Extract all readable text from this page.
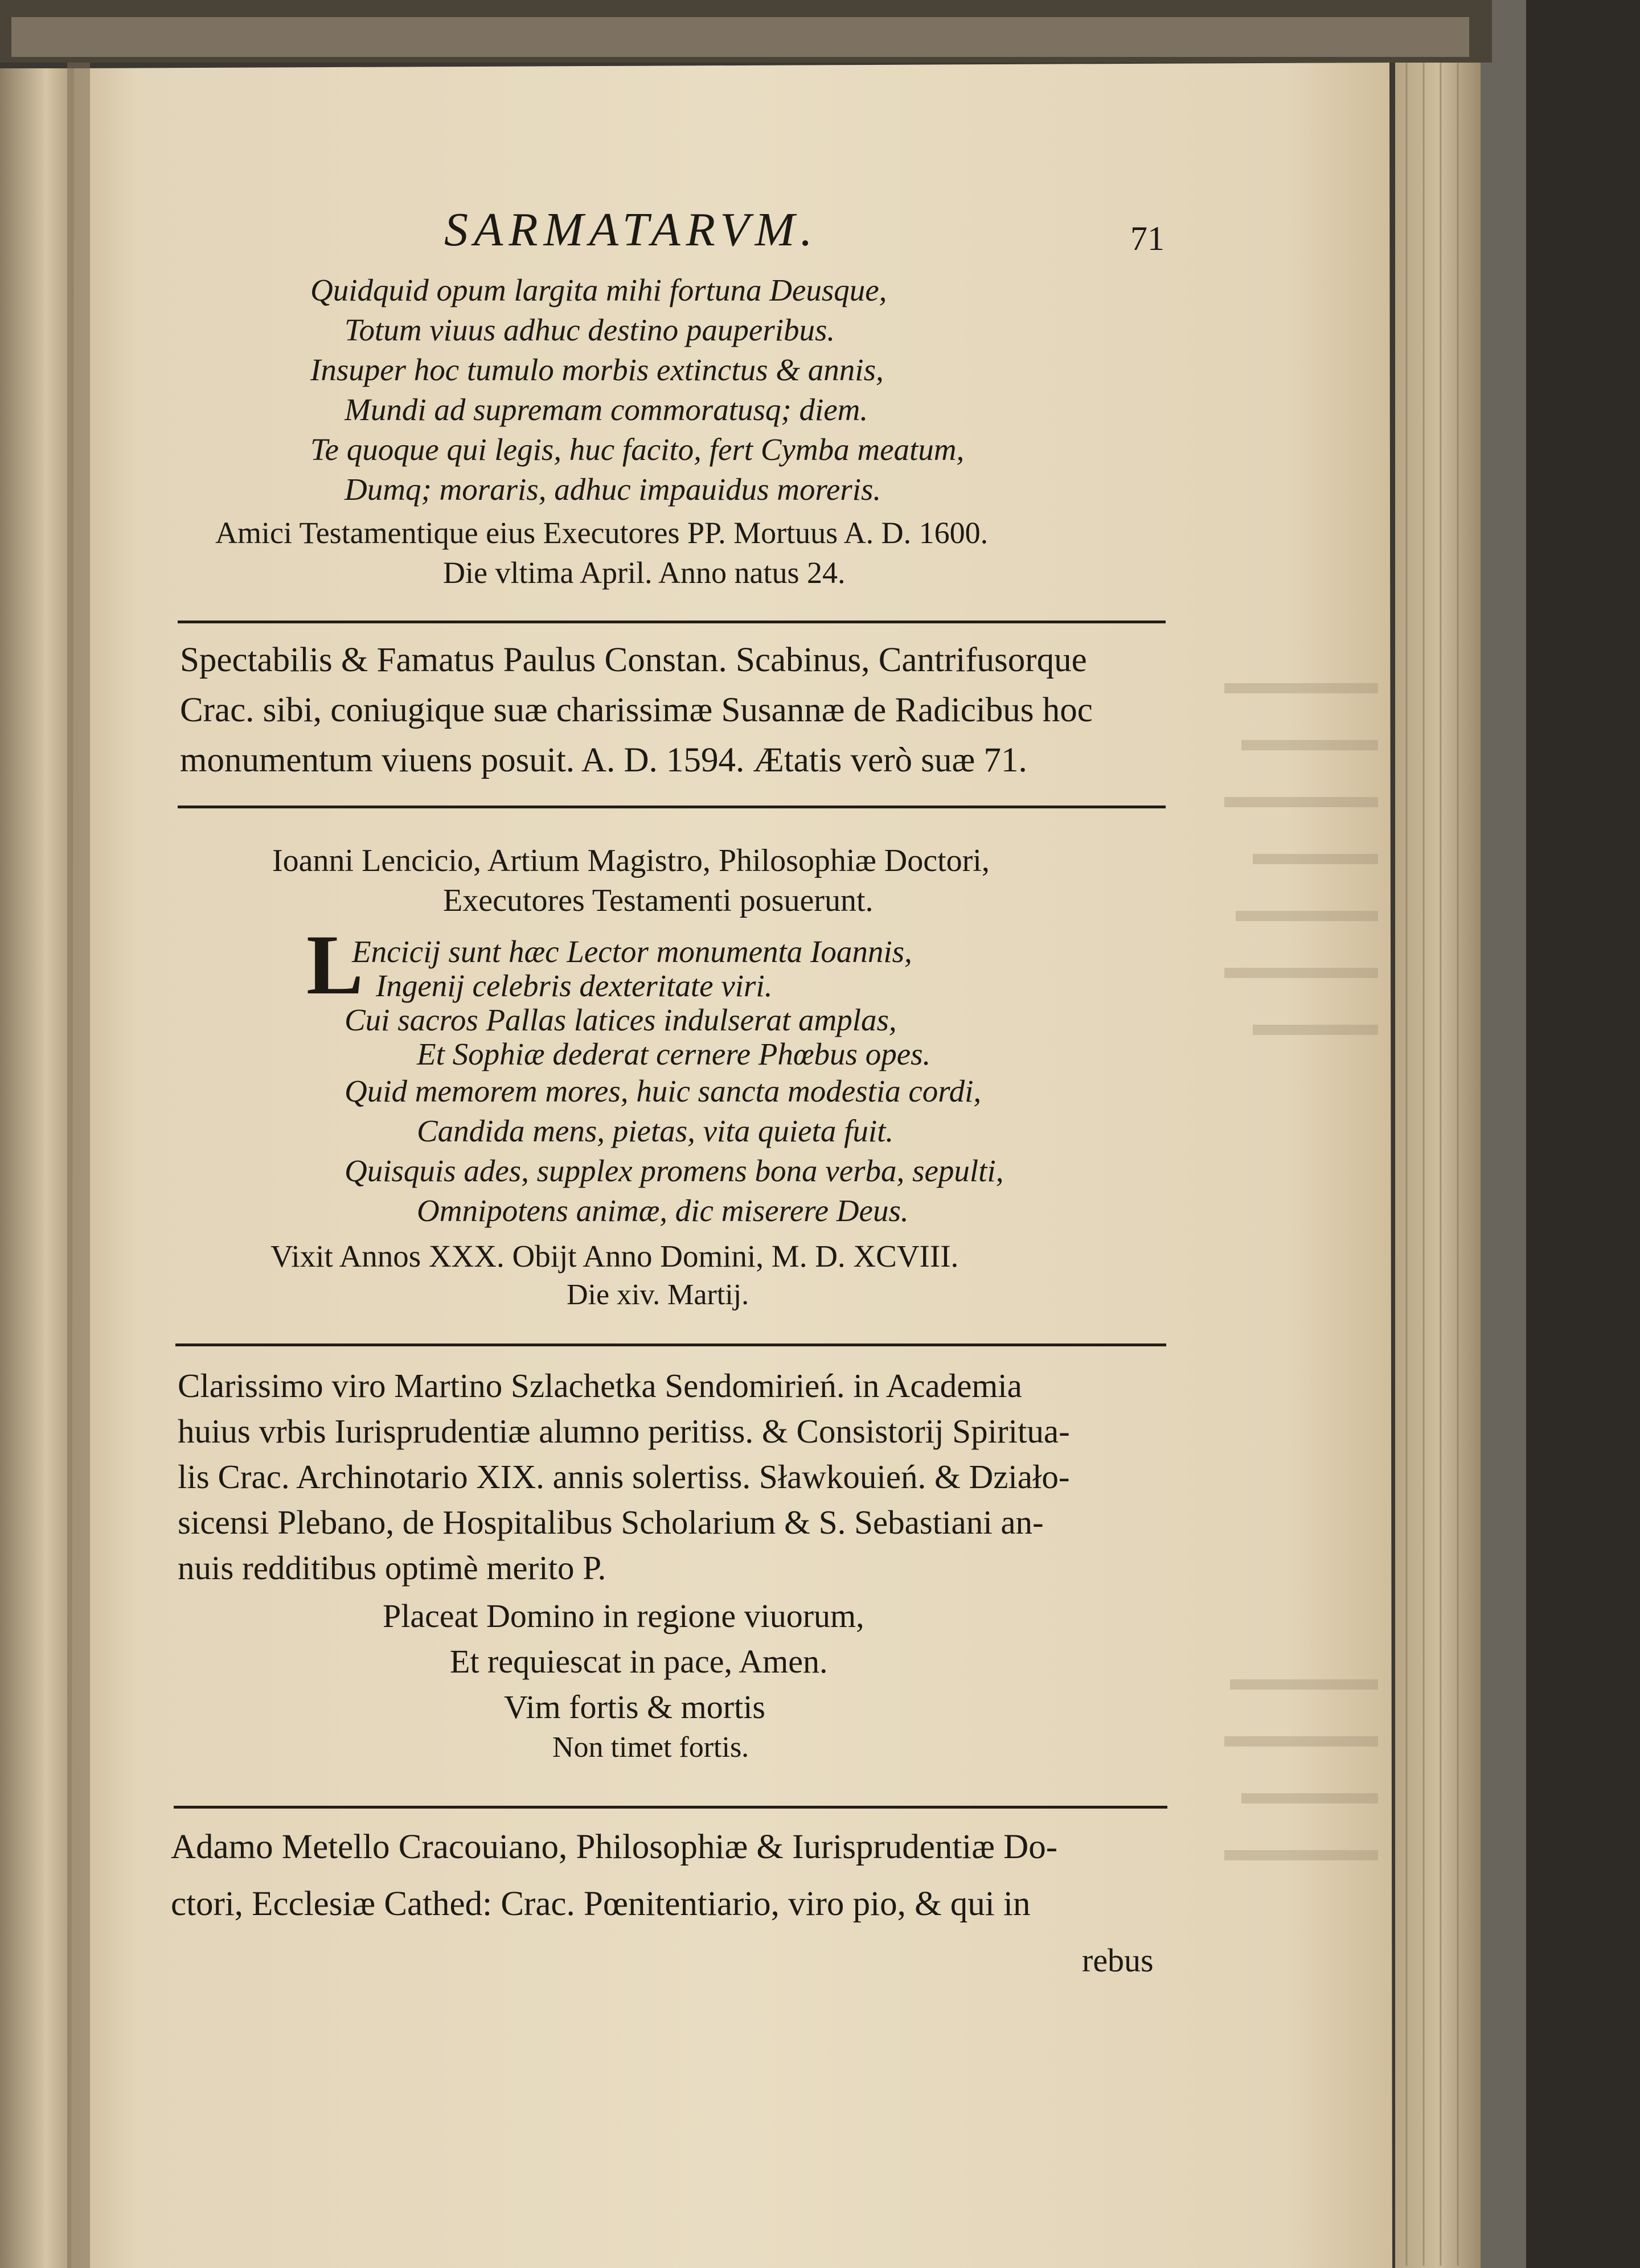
SARMATARVM.	71
Quidquid opum largita mihi fortuna Deusque,
Totum viuus adhuc destino pauperibus.
Insuper hoc tumulo morbis extinctus & annis,
Mundi ad supremam commoratusq; diem.
Te quoque qui legis, huc facito, fert Cymba meatum,
Dumq; moraris, adhuc impauidus moreris.
Amici Testamentique eius Executores PP. Mortuus A. D. 1600.
Die vltima April. Anno natus 24.
Spectabilis & Famatus Paulus Constan. Scabinus, Cantrifusorque
Crac. sibi, coniugique suæ charissimæ Susannæ de Radicibus hoc
monumentum viuens posuit. A. D. 1594. Ætatis verò suæ 71.
Ioanni Lencicio, Artium Magistro, Philosophiæ Doctori,
Executores Testamenti posuerunt.
L
Encicij sunt hæc Lector monumenta Ioannis,
Ingenij celebris dexteritate viri.
Cui sacros Pallas latices indulserat amplas,
Et Sophiæ dederat cernere Phœbus opes.
Quid memorem mores, huic sancta modestia cordi,
Candida mens, pietas, vita quieta fuit.
Quisquis ades, supplex promens bona verba, sepulti,
Omnipotens animæ, dic miserere Deus.
Vixit Annos XXX. Obijt Anno Domini, M. D. XCVIII.
Die xiv. Martij.
Clarissimo viro Martino Szlachetka Sendomirień. in Academia
huius vrbis Iurisprudentiæ alumno peritiss. & Consistorij Spiritua-
lis Crac. Archinotario XIX. annis solertiss. Sławkouień. & Działo-
sicensi Plebano, de Hospitalibus Scholarium & S. Sebastiani an-
nuis redditibus optimè merito P.
Placeat Domino in regione viuorum,
Et requiescat in pace, Amen.
Vim fortis & mortis
Non timet fortis.
Adamo Metello Cracouiano, Philosophiæ & Iurisprudentiæ Do-
ctori, Ecclesiæ Cathed: Crac. Pœnitentiario, viro pio, & qui in
rebus
